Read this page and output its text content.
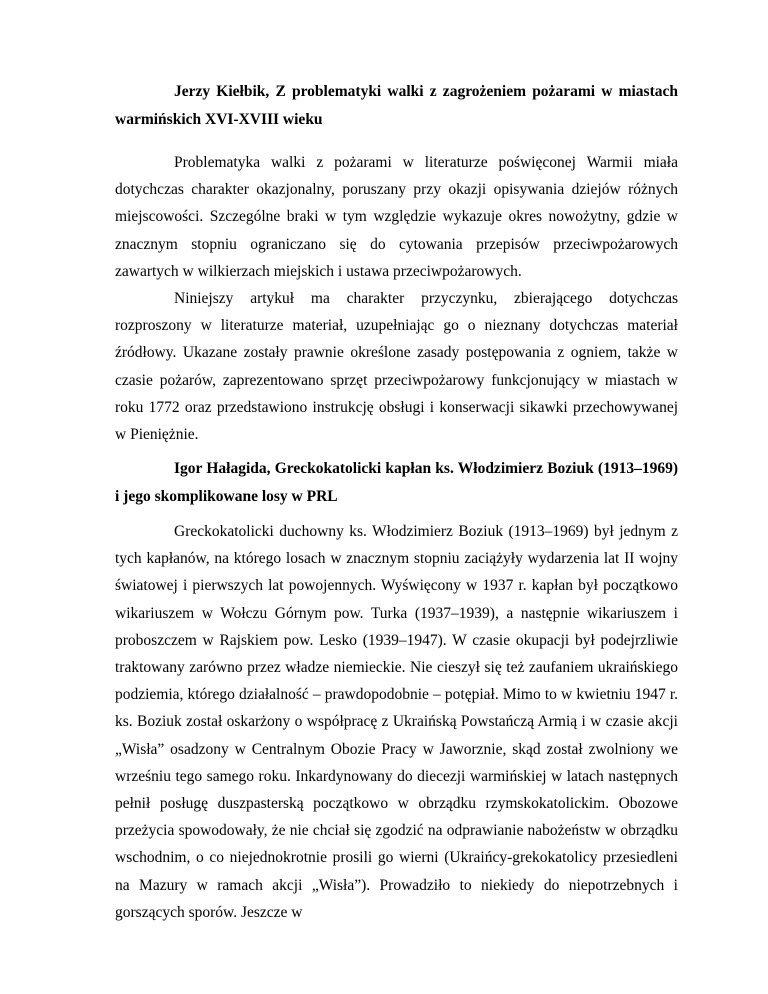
Jerzy Kiełbik, Z problematyki walki z zagrożeniem pożarami w miastach warmińskich XVI-XVIII wieku

Problematyka walki z pożarami w literaturze poświęconej Warmii miała dotychczas charakter okazjonalny, poruszany przy okazji opisywania dziejów różnych miejscowości. Szczególne braki w tym względzie wykazuje okres nowożytny, gdzie w znacznym stopniu ograniczano się do cytowania przepisów przeciwpożarowych zawartych w wilkierzach miejskich i ustawa przeciwpożarowych.

Niniejszy artykuł ma charakter przyczynku, zbierającego dotychczas rozproszony w literaturze materiał, uzupełniając go o nieznany dotychczas materiał źródłowy. Ukazane zostały prawnie określone zasady postępowania z ogniem, także w czasie pożarów, zaprezentowano sprzęt przeciwpożarowy funkcjonujący w miastach w roku 1772 oraz przedstawiono instrukcję obsługi i konserwacji sikawki przechowywanej w Pieniężnie.

Igor Hałagida, Greckokatolicki kapłan ks. Włodzimierz Boziuk (1913–1969) i jego skomplikowane losy w PRL

Greckokatolicki duchowny ks. Włodzimierz Boziuk (1913–1969) był jednym z tych kapłanów, na którego losach w znacznym stopniu zaciążyły wydarzenia lat II wojny światowej i pierwszych lat powojennych. Wyświęcony w 1937 r. kapłan był początkowo wikariuszem w Wołczu Górnym pow. Turka (1937–1939), a następnie wikariuszem i proboszczem w Rajskiem pow. Lesko (1939–1947). W czasie okupacji był podejrzliwie traktowany zarówno przez władze niemieckie. Nie cieszył się też zaufaniem ukraińskiego podziemia, którego działalność – prawdopodobnie – potępiał. Mimo to w kwietniu 1947 r. ks. Boziuk został oskarżony o współpracę z Ukraińską Powstańczą Armią i w czasie akcji „Wisła” osadzony w Centralnym Obozie Pracy w Jaworznie, skąd został zwolniony we wrześniu tego samego roku. Inkardynowany do diecezji warmińskiej w latach następnych pełnił posługę duszpasterską początkowo w obrządku rzymskokatolickim. Obozowe przeżycia spowodowały, że nie chciał się zgodzić na odprawianie nabożeństw w obrządku wschodnim, o co niejednokrotnie prosili go wierni (Ukraińcy-grekokatolicy przesiedleni na Mazury w ramach akcji „Wisła”). Prowadziło to niekiedy do niepotrzebnych i gorszących sporów. Jeszcze w
